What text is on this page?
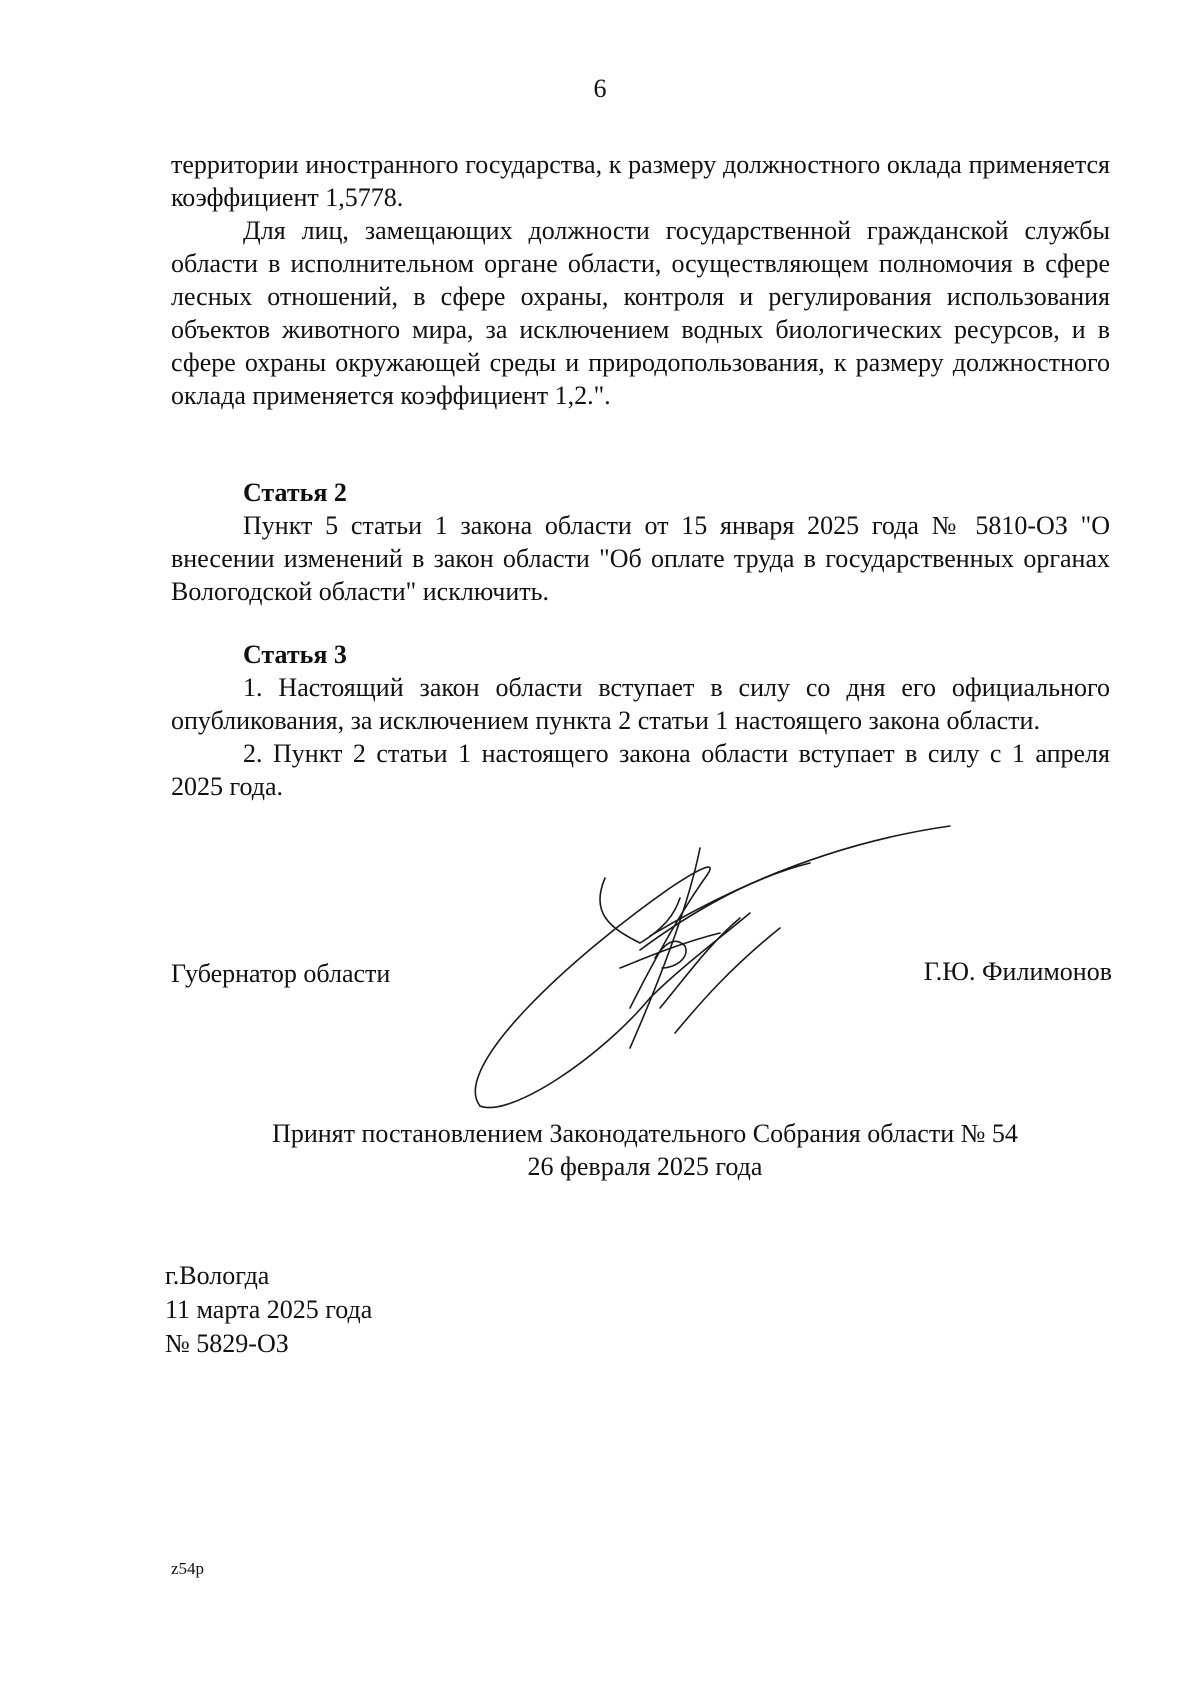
6

территории иностранного государства, к размеру должностного оклада применяется коэффициент 1,5778.

Для лиц, замещающих должности государственной гражданской службы области в исполнительном органе области, осуществляющем полномочия в сфере лесных отношений, в сфере охраны, контроля и регулирования использования объектов животного мира, за исключением водных биологических ресурсов, и в сфере охраны окружающей среды и природопользования, к размеру должностного оклада применяется коэффициент 1,2.".

Статья 2

Пункт 5 статьи 1 закона области от 15 января 2025 года № 5810-ОЗ "О внесении изменений в закон области "Об оплате труда в государственных органах Вологодской области" исключить.

Статья 3

1. Настоящий закон области вступает в силу со дня его официального опубликования, за исключением пункта 2 статьи 1 настоящего закона области.

2. Пункт 2 статьи 1 настоящего закона области вступает в силу с 1 апреля 2025 года.

Губернатор области	Г.Ю. Филимонов
Принят постановлением Законодательного Собрания области № 54
26 февраля 2025 года
г.Вологда
11 марта 2025 года
№ 5829-ОЗ
z54p
